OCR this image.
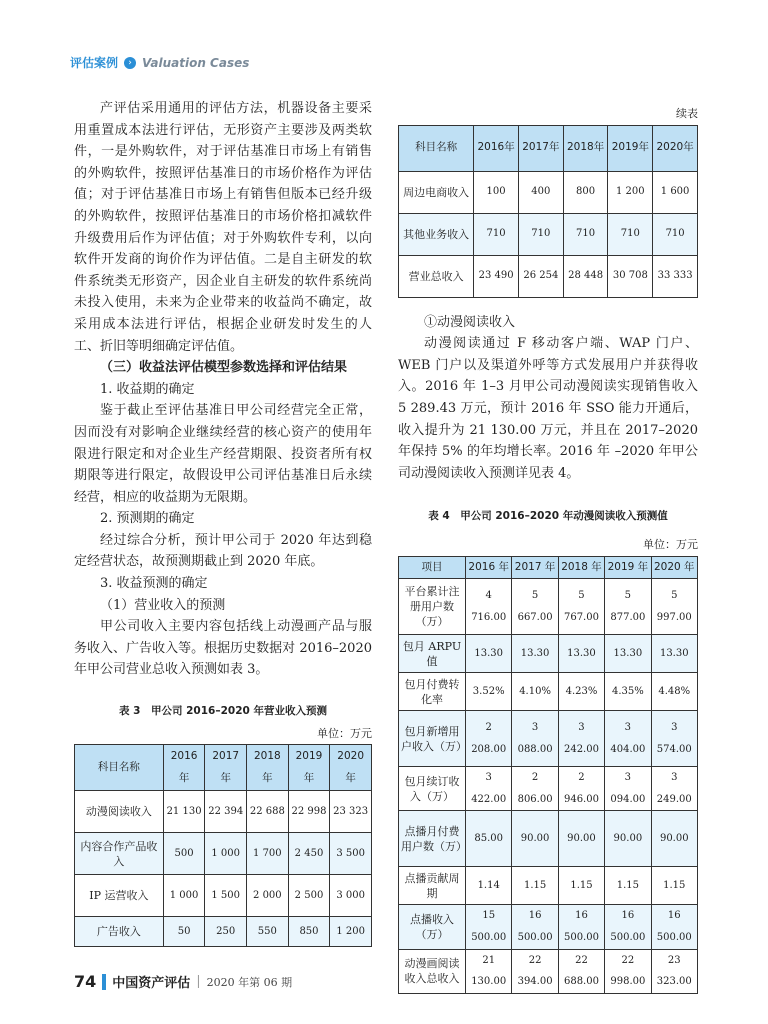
评估案例	› Valuation Cases

产评估采用通用的评估方法，机器设备主要采用重置成本法进行评估，无形资产主要涉及两类软件，一是外购软件，对于评估基准日市场上有销售的外购软件，按照评估基准日的市场价格作为评估值；对于评估基准日市场上有销售但版本已经升级的外购软件，按照评估基准日的市场价格扣减软件升级费用后作为评估值；对于外购软件专利，以向软件开发商的询价作为评估值。二是自主研发的软件系统类无形资产，因企业自主研发的软件系统尚未投入使用，未来为企业带来的收益尚不确定，故采用成本法进行评估，根据企业研发时发生的人工、折旧等明细确定评估值。

（三）收益法评估模型参数选择和评估结果

1. 收益期的确定

鉴于截止至评估基准日甲公司经营完全正常，因而没有对影响企业继续经营的核心资产的使用年限进行限定和对企业生产经营期限、投资者所有权期限等进行限定，故假设甲公司评估基准日后永续经营，相应的收益期为无限期。

2. 预测期的确定

经过综合分析，预计甲公司于 2020 年达到稳定经营状态，故预测期截止到 2020 年底。

3. 收益预测的确定

（1）营业收入的预测

甲公司收入主要内容包括线上动漫画产品与服务收入、广告收入等。根据历史数据对 2016–2020 年甲公司营业总收入预测如表 3。

表 3　甲公司 2016–2020 年营业收入预测

单位：万元

科目名称	2016年	2017年	2018年	2019年	2020年
动漫阅读收入	21 130	22 394	22 688	22 998	23 323
内容合作产品收入	500	1 000	1 700	2 450	3 500
IP 运营收入	1 000	1 500	2 000	2 500	3 000
广告收入	50	250	550	850	1 200

续表

科目名称	2016年	2017年	2018年	2019年	2020年
周边电商收入	100	400	800	1 200	1 600
其他业务收入	710	710	710	710	710
营业总收入	23 490	26 254	28 448	30 708	33 333

①动漫阅读收入

动漫阅读通过 F 移动客户端、WAP 门户、WEB 门户以及渠道外呼等方式发展用户并获得收入。2016 年 1–3 月甲公司动漫阅读实现销售收入 5 289.43 万元，预计 2016 年 SSO 能力开通后，收入提升为 21 130.00 万元，并且在 2017–2020 年保持 5% 的年均增长率。2016 年 –2020 年甲公司动漫阅读收入预测详见表 4。

表 4　甲公司 2016–2020 年动漫阅读收入预测值

单位：万元

项目	2016 年	2017 年	2018 年	2019 年	2020 年
平台累计注册用户数（万）	4 716.00	5 667.00	5 767.00	5 877.00	5 997.00
包月 ARPU 值	13.30	13.30	13.30	13.30	13.30
包月付费转化率	3.52%	4.10%	4.23%	4.35%	4.48%
包月新增用户收入（万）	2 208.00	3 088.00	3 242.00	3 404.00	3 574.00
包月续订收入（万）	3 422.00	2 806.00	2 946.00	3 094.00	3 249.00
点播月付费用户数（万）	85.00	90.00	90.00	90.00	90.00
点播贡献周期	1.14	1.15	1.15	1.15	1.15
点播收入（万）	15 500.00	16 500.00	16 500.00	16 500.00	16 500.00
动漫画阅读收入总收入	21 130.00	22 394.00	22 688.00	22 998.00	23 323.00
74 中国资产评估 | 2020 年第 06 期
